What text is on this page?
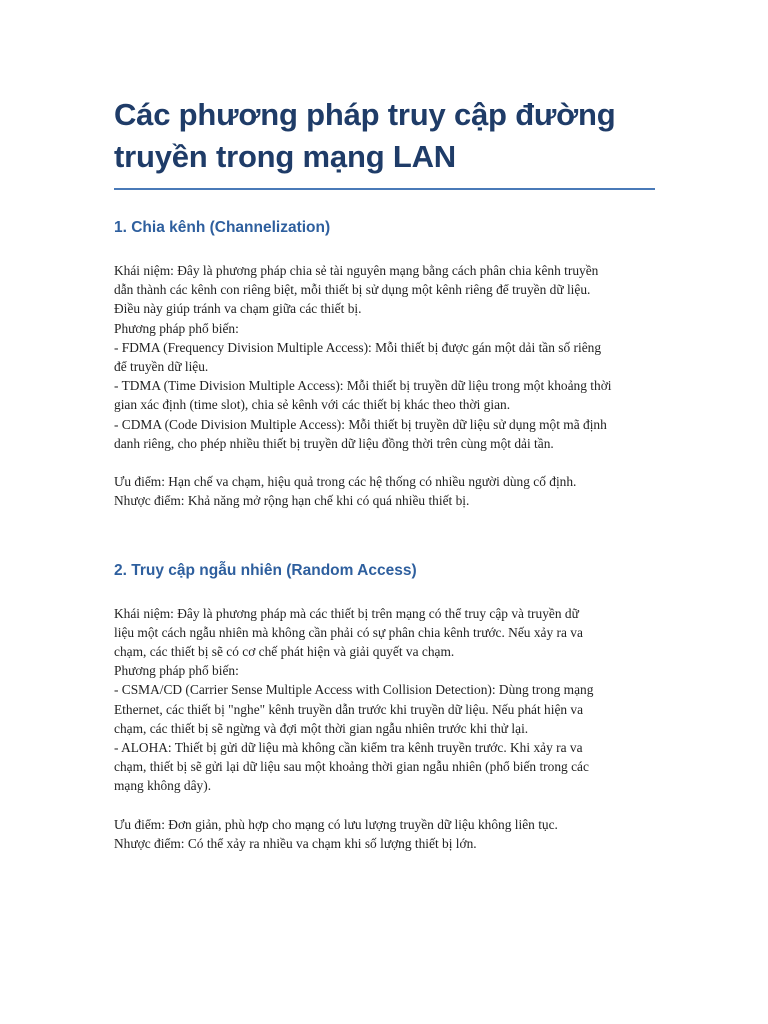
Các phương pháp truy cập đường
truyền trong mạng LAN
1. Chia kênh (Channelization)

Khái niệm: Đây là phương pháp chia sẻ tài nguyên mạng bằng cách phân chia kênh truyền
dẫn thành các kênh con riêng biệt, mỗi thiết bị sử dụng một kênh riêng để truyền dữ liệu.
Điều này giúp tránh va chạm giữa các thiết bị.
Phương pháp phổ biến:
- FDMA (Frequency Division Multiple Access): Mỗi thiết bị được gán một dải tần số riêng
để truyền dữ liệu.
- TDMA (Time Division Multiple Access): Mỗi thiết bị truyền dữ liệu trong một khoảng thời
gian xác định (time slot), chia sẻ kênh với các thiết bị khác theo thời gian.
- CDMA (Code Division Multiple Access): Mỗi thiết bị truyền dữ liệu sử dụng một mã định
danh riêng, cho phép nhiều thiết bị truyền dữ liệu đồng thời trên cùng một dải tần.

Ưu điểm: Hạn chế va chạm, hiệu quả trong các hệ thống có nhiều người dùng cố định.
Nhược điểm: Khả năng mở rộng hạn chế khi có quá nhiều thiết bị.

2. Truy cập ngẫu nhiên (Random Access)

Khái niệm: Đây là phương pháp mà các thiết bị trên mạng có thể truy cập và truyền dữ
liệu một cách ngẫu nhiên mà không cần phải có sự phân chia kênh trước. Nếu xảy ra va
chạm, các thiết bị sẽ có cơ chế phát hiện và giải quyết va chạm.
Phương pháp phổ biến:
- CSMA/CD (Carrier Sense Multiple Access with Collision Detection): Dùng trong mạng
Ethernet, các thiết bị "nghe" kênh truyền dẫn trước khi truyền dữ liệu. Nếu phát hiện va
chạm, các thiết bị sẽ ngừng và đợi một thời gian ngẫu nhiên trước khi thử lại.
- ALOHA: Thiết bị gửi dữ liệu mà không cần kiểm tra kênh truyền trước. Khi xảy ra va
chạm, thiết bị sẽ gửi lại dữ liệu sau một khoảng thời gian ngẫu nhiên (phổ biến trong các
mạng không dây).

Ưu điểm: Đơn giản, phù hợp cho mạng có lưu lượng truyền dữ liệu không liên tục.
Nhược điểm: Có thể xảy ra nhiều va chạm khi số lượng thiết bị lớn.
